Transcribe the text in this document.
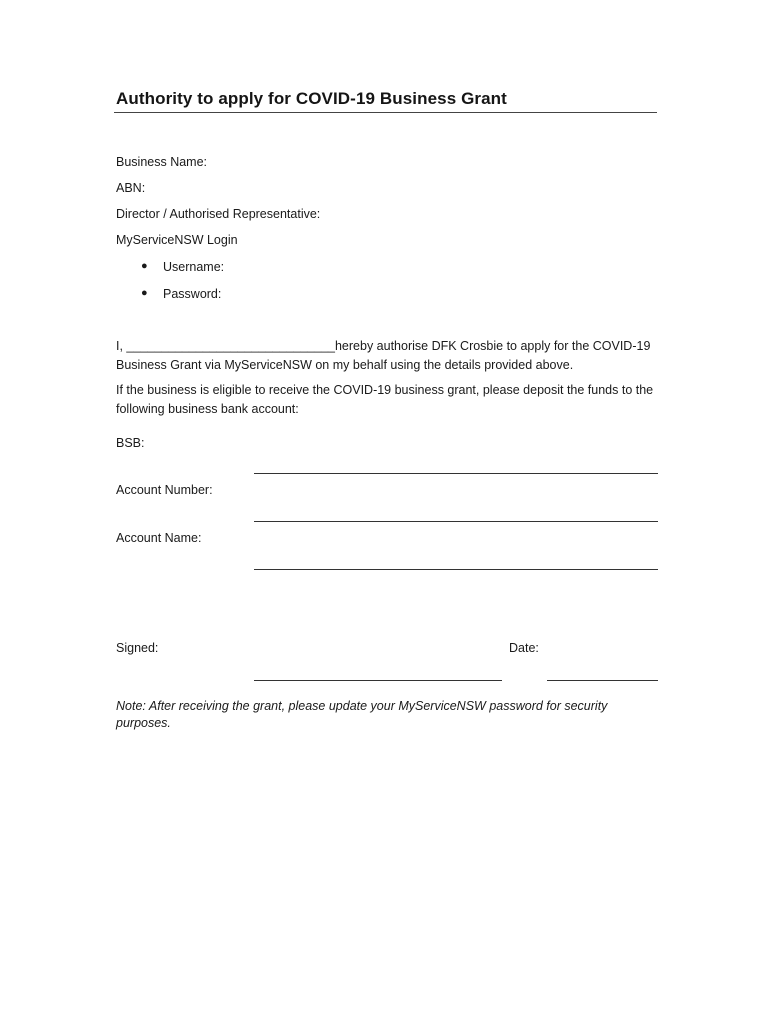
Authority to apply for COVID-19 Business Grant
Business Name:
ABN:
Director / Authorised Representative:
MyServiceNSW Login
● Username:
● Password:
I, ______________________________hereby authorise DFK Crosbie to apply for the COVID-19 Business Grant via MyServiceNSW on my behalf using the details provided above.
If the business is eligible to receive the COVID-19 business grant, please deposit the funds to the following business bank account:
BSB:
Account Number:
Account Name:
Signed:	Date:
Note: After receiving the grant, please update your MyServiceNSW password for security purposes.
